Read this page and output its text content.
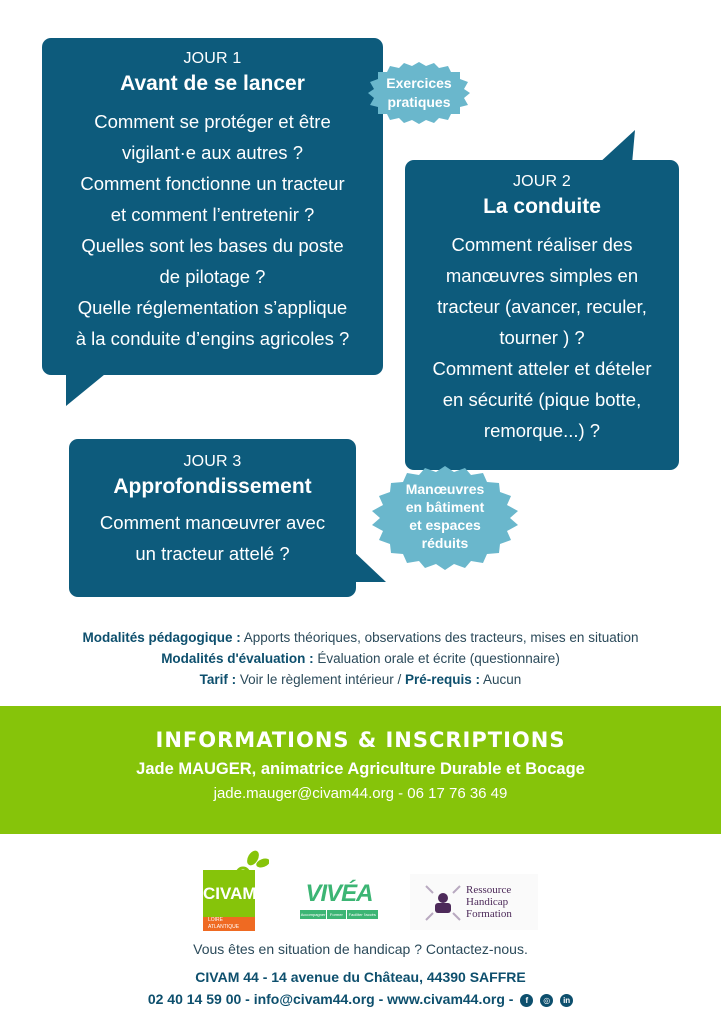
JOUR 1
Avant de se lancer
Comment se protéger et être
vigilant·e aux autres ?
Comment fonctionne un tracteur
et comment l’entretenir ?
Quelles sont les bases du poste
de pilotage ?
Quelle réglementation s’applique
à la conduite d’engins agricoles ?
Exercices
pratiques
JOUR 2
La conduite
Comment réaliser des
manœuvres simples en
tracteur (avancer, reculer,
tourner ) ?
Comment atteler et dételer
en sécurité (pique botte,
remorque...) ?
JOUR 3
Approfondissement
Comment manœuvrer avec
un tracteur attelé ?
Manœuvres
en bâtiment
et espaces
réduits
Modalités pédagogique : Apports théoriques, observations des tracteurs, mises en situation
Modalités d'évaluation : Évaluation orale et écrite (questionnaire)
Tarif : Voir le règlement intérieur / Pré-requis : Aucun
INFORMATIONS & INSCRIPTIONS
Jade MAUGER, animatrice Agriculture Durable et Bocage
jade.mauger@civam44.org - 06 17 76 36 49
CIVAM
LOIRE
ATLANTIQUE
VIVÉA
Accompagner	Former	Faciliter l'accès
Ressource
Handicap
Formation
Vous êtes en situation de handicap ? Contactez-nous.
CIVAM 44 - 14 avenue du Château, 44390 SAFFRE
02 40 14 59 00 - info@civam44.org - www.civam44.org - f ◎ in
